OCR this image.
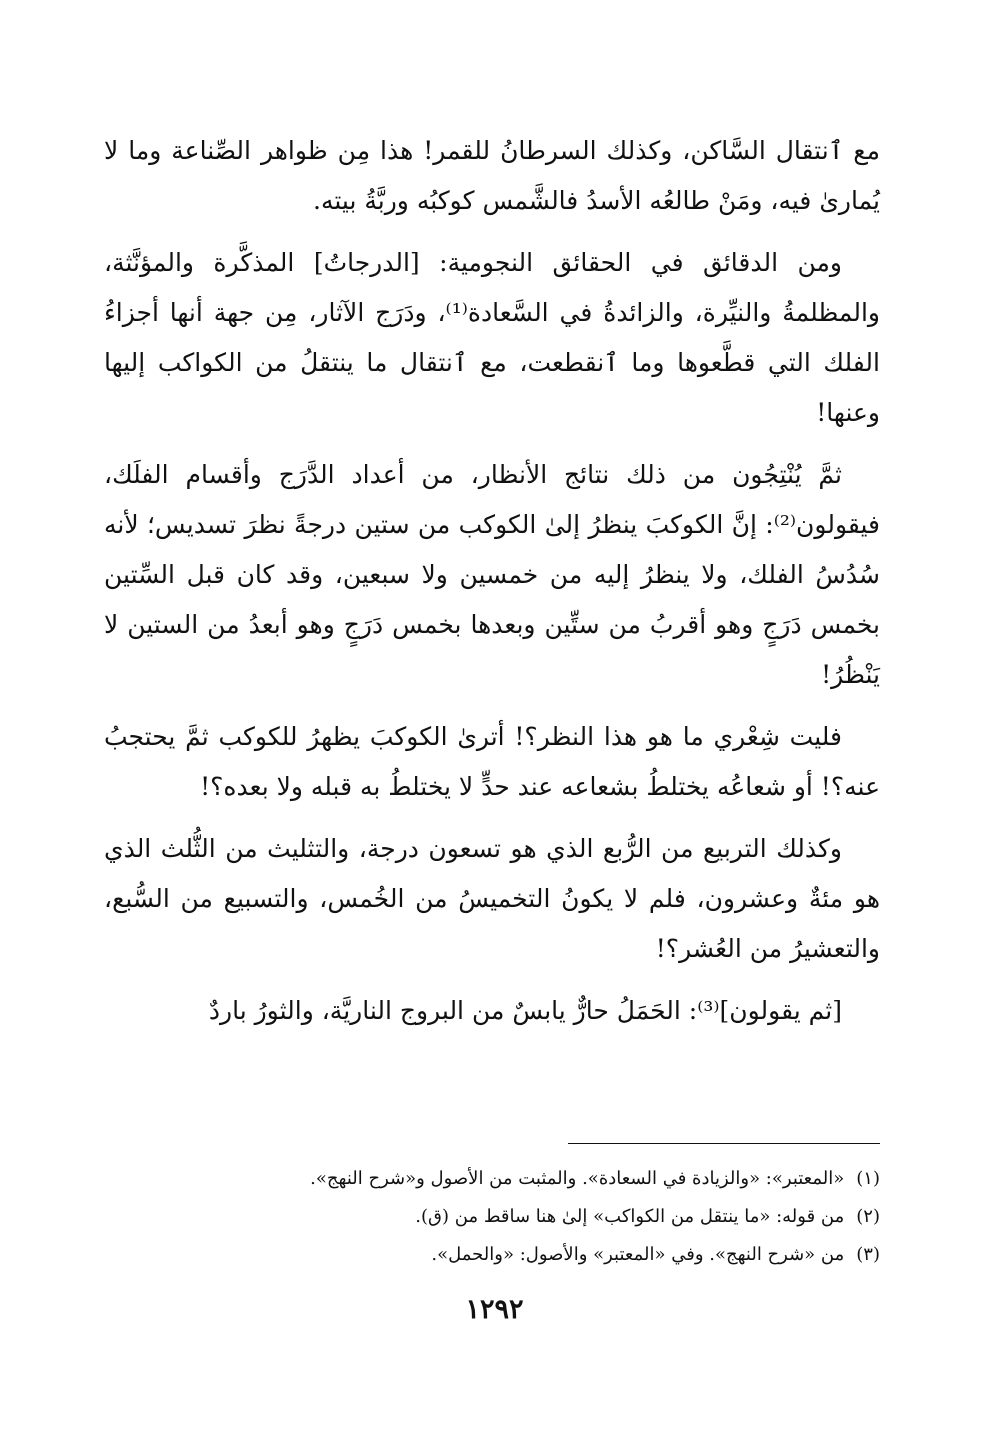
مع ٱنتقال السَّاكن، وكذلك السرطانُ للقمر! هذا مِن ظواهر الصِّناعة وما لا يُمارىٰ فيه، ومَنْ طالعُه الأسدُ فالشَّمس كوكبُه وربَّةُ بيته.

ومن الدقائق في الحقائق النجومية: [الدرجاتُ] المذكَّرة والمؤنَّثة، والمظلمةُ والنيِّرة، والزائدةُ في السَّعادة⁽¹⁾، ودَرَج الآثار، مِن جهة أنها أجزاءُ الفلك التي قطَّعوها وما ٱنقطعت، مع ٱنتقال ما ينتقلُ من الكواكب إليها وعنها!

ثمَّ يُنْتِجُون من ذلك نتائج الأنظار، من أعداد الدَّرَج وأقسام الفلَك، فيقولون⁽²⁾: إنَّ الكوكبَ ينظرُ إلىٰ الكوكب من ستين درجةً نظرَ تسديس؛ لأنه سُدُسُ الفلك، ولا ينظرُ إليه من خمسين ولا سبعين، وقد كان قبل السِّتين بخمس دَرَجٍ وهو أقربُ من ستِّين وبعدها بخمس دَرَجٍ وهو أبعدُ من الستين لا يَنْظُرُ!

فليت شِعْري ما هو هذا النظر؟! أترىٰ الكوكبَ يظهرُ للكوكب ثمَّ يحتجبُ عنه؟! أو شعاعُه يختلطُ بشعاعه عند حدٍّ لا يختلطُ به قبله ولا بعده؟!

وكذلك التربيع من الرُّبع الذي هو تسعون درجة، والتثليث من الثُّلث الذي هو مئةٌ وعشرون، فلم لا يكونُ التخميسُ من الخُمس، والتسبيع من السُّبع، والتعشيرُ من العُشر؟!

[ثم يقولون]⁽³⁾: الحَمَلُ حارٌّ يابسٌ من البروج الناريَّة، والثورُ باردٌ

(١)
«المعتبر»: «والزيادة في السعادة». والمثبت من الأصول و«شرح النهج».
(٢)
من قوله: «ما ينتقل من الكواكب» إلىٰ هنا ساقط من (ق).
(٣)
من «شرح النهج». وفي «المعتبر» والأصول: «والحمل».
١٢٩٢
